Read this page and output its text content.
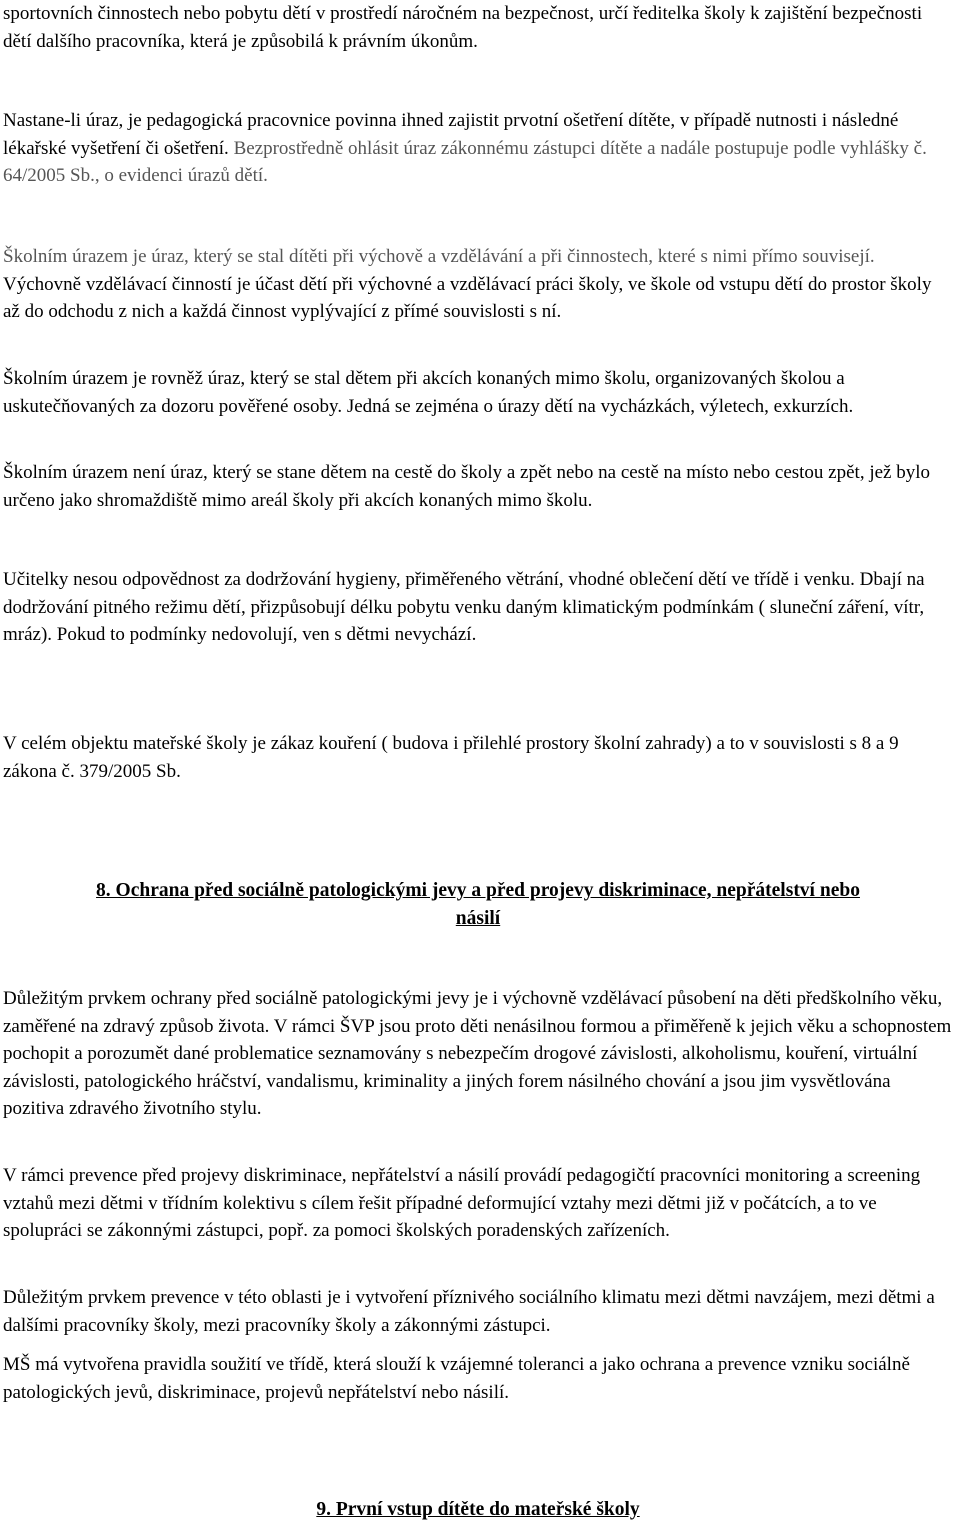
sportovních činnostech nebo pobytu dětí v prostředí náročném na bezpečnost, určí ředitelka školy k zajištění bezpečnosti dětí dalšího pracovníka, která je způsobilá k právním úkonům.

Nastane-li úraz, je pedagogická pracovnice povinna ihned zajistit prvotní ošetření dítěte, v případě nutnosti i následné lékařské vyšetření či ošetření. Bezprostředně ohlásit úraz zákonnému zástupci dítěte a nadále postupuje podle vyhlášky č. 64/2005 Sb., o evidenci úrazů dětí.

Školním úrazem je úraz, který se stal dítěti při výchově a vzdělávání a při činnostech, které s nimi přímo souvisejí. Výchovně vzdělávací činností je účast dětí při výchovné a vzdělávací práci školy, ve škole od vstupu dětí do prostor školy až do odchodu z nich a každá činnost vyplývající z přímé souvislosti s ní.

Školním úrazem je rovněž úraz, který se stal dětem při akcích konaných mimo školu, organizovaných školou a uskutečňovaných za dozoru pověřené osoby. Jedná se zejména o úrazy dětí na vycházkách, výletech, exkurzích.

Školním úrazem není úraz, který se stane dětem na cestě do školy a zpět nebo na cestě na místo nebo cestou zpět, jež bylo určeno jako shromaždiště mimo areál školy při akcích konaných mimo školu.

Učitelky nesou odpovědnost za dodržování hygieny, přiměřeného větrání, vhodné oblečení dětí ve třídě i venku. Dbají na dodržování pitného režimu dětí, přizpůsobují délku pobytu venku daným klimatickým podmínkám ( sluneční záření, vítr, mráz). Pokud to podmínky nedovolují, ven s dětmi nevychází.

V celém objektu mateřské školy je zákaz kouření ( budova i přilehlé prostory školní zahrady) a to v souvislosti s 8 a 9 zákona č. 379/2005 Sb.

8. Ochrana před sociálně patologickými jevy a před projevy diskriminace, nepřátelství nebo
násilí

Důležitým prvkem ochrany před sociálně patologickými jevy je i výchovně vzdělávací působení na děti předškolního věku, zaměřené na zdravý způsob života. V rámci ŠVP jsou proto děti nenásilnou formou a přiměřeně k jejich věku a schopnostem pochopit a porozumět dané problematice seznamovány s nebezpečím drogové závislosti, alkoholismu, kouření, virtuální závislosti, patologického hráčství, vandalismu, kriminality a jiných forem násilného chování a jsou jim vysvětlována pozitiva zdravého životního stylu.

V rámci prevence před projevy diskriminace, nepřátelství a násilí provádí pedagogičtí pracovníci monitoring a screening vztahů mezi dětmi v třídním kolektivu s cílem řešit případné deformující vztahy mezi dětmi již v počátcích, a to ve spolupráci se zákonnými zástupci, popř. za pomoci školských poradenských zařízeních.

Důležitým prvkem prevence v této oblasti je i vytvoření příznivého sociálního klimatu mezi dětmi navzájem, mezi dětmi a dalšími pracovníky školy, mezi pracovníky školy a zákonnými zástupci.

MŠ má vytvořena pravidla soužití ve třídě, která slouží k vzájemné toleranci a jako ochrana a prevence vzniku sociálně patologických jevů, diskriminace, projevů nepřátelství nebo násilí.

9. První vstup dítěte do mateřské školy
